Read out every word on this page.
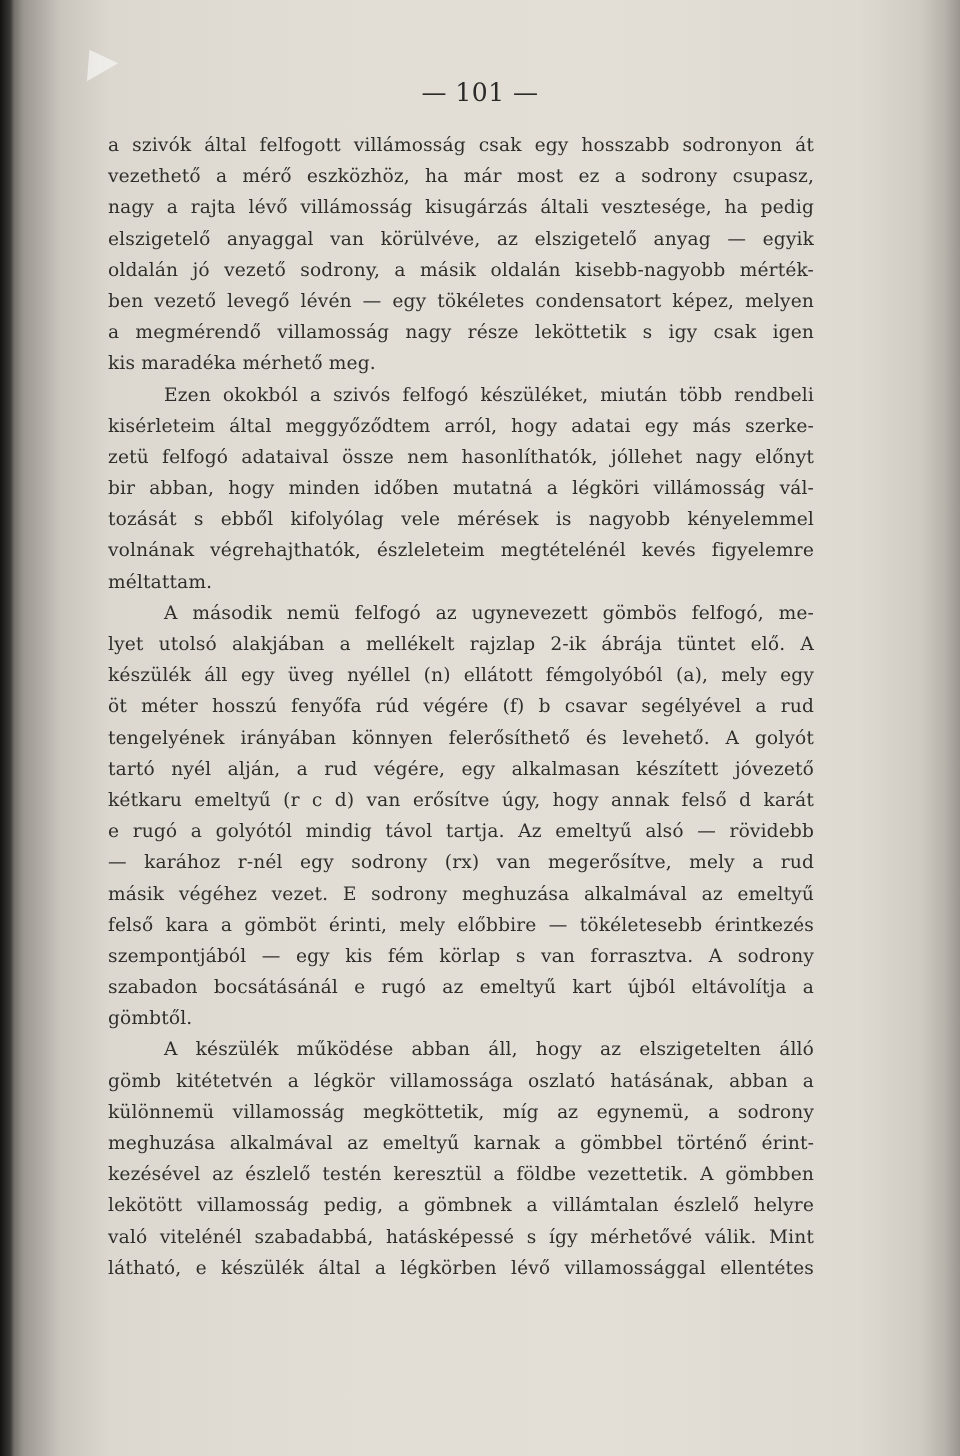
— 101 —
a szivók által felfogott villámosság csak egy hosszabb sodronyon át
vezethető a mérő eszközhöz, ha már most ez a sodrony csupasz,
nagy a rajta lévő villámosság kisugárzás általi vesztesége, ha pedig
elszigetelő anyaggal van körülvéve, az elszigetelő anyag — egyik
oldalán jó vezető sodrony, a másik oldalán kisebb-nagyobb mérték-
ben vezető levegő lévén — egy tökéletes condensatort képez, melyen
a megmérendő villamosság nagy része leköttetik s igy csak igen
kis maradéka mérhető meg.
Ezen okokból a szivós felfogó készüléket, miután több rendbeli
kisérleteim által meggyőződtem arról, hogy adatai egy más szerke-
zetü felfogó adataival össze nem hasonlíthatók, jóllehet nagy előnyt
bir abban, hogy minden időben mutatná a légköri villámosság vál-
tozását s ebből kifolyólag vele mérések is nagyobb kényelemmel
volnának végrehajthatók, észleleteim megtételénél kevés figyelemre
méltattam.
A második nemü felfogó az ugynevezett gömbös felfogó, me-
lyet utolsó alakjában a mellékelt rajzlap 2-ik ábrája tüntet elő. A
készülék áll egy üveg nyéllel (n) ellátott fémgolyóból (a), mely egy
öt méter hosszú fenyőfa rúd végére (f) b csavar segélyével a rud
tengelyének irányában könnyen felerősíthető és levehető. A golyót
tartó nyél alján, a rud végére, egy alkalmasan készített jóvezető
kétkaru emeltyű (r c d) van erősítve úgy, hogy annak felső d karát
e rugó a golyótól mindig távol tartja. Az emeltyű alsó — rövidebb
— karához r-nél egy sodrony (rx) van megerősítve, mely a rud
másik végéhez vezet. E sodrony meghuzása alkalmával az emeltyű
felső kara a gömböt érinti, mely előbbire — tökéletesebb érintkezés
szempontjából — egy kis fém körlap s van forrasztva. A sodrony
szabadon bocsátásánál e rugó az emeltyű kart újból eltávolítja a
gömbtől.
A készülék működése abban áll, hogy az elszigetelten álló
gömb kitétetvén a légkör villamossága oszlató hatásának, abban a
különnemü villamosság megköttetik, míg az egynemü, a sodrony
meghuzása alkalmával az emeltyű karnak a gömbbel történő érint-
kezésével az észlelő testén keresztül a földbe vezettetik. A gömbben
lekötött villamosság pedig, a gömbnek a villámtalan észlelő helyre
való vitelénél szabadabbá, hatásképessé s így mérhetővé válik. Mint
látható, e készülék által a légkörben lévő villamossággal ellentétes
